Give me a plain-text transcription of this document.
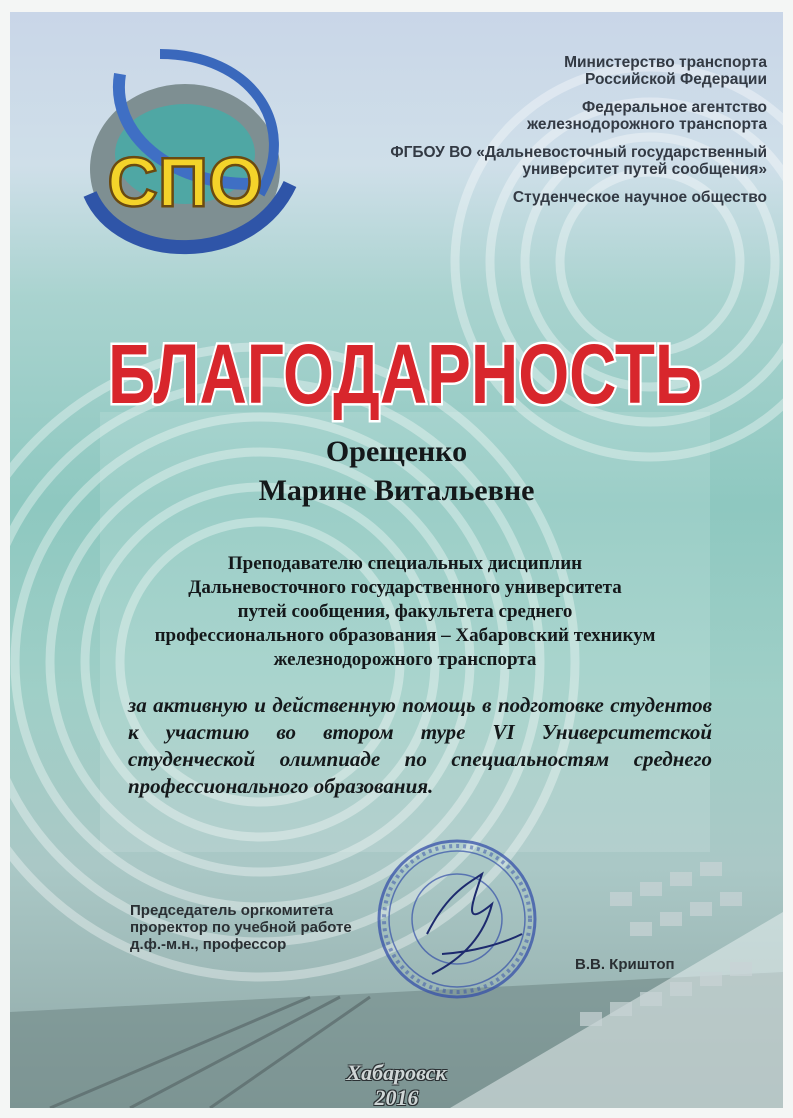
СПО
Министерство транспорта
Российской Федерации
Федеральное агентство
железнодорожного транспорта
ФГБОУ ВО «Дальневосточный государственный
университет путей сообщения»
Студенческое научное общество
БЛАГОДАРНОСТЬ
Орещенко
Марине Витальевне
Преподавателю специальных дисциплин
Дальневосточного государственного университета
путей сообщения, факультета среднего
профессионального образования – Хабаровский техникум
железнодорожного транспорта
за активную и действенную помощь в подготовке студентов к участию во втором туре VI Университетской студенческой олимпиаде по специальностям среднего профессионального образования.
Председатель оргкомитета
проректор по учебной работе
д.ф.-м.н., профессор
В.В. Криштоп
Хабаровск
2016
